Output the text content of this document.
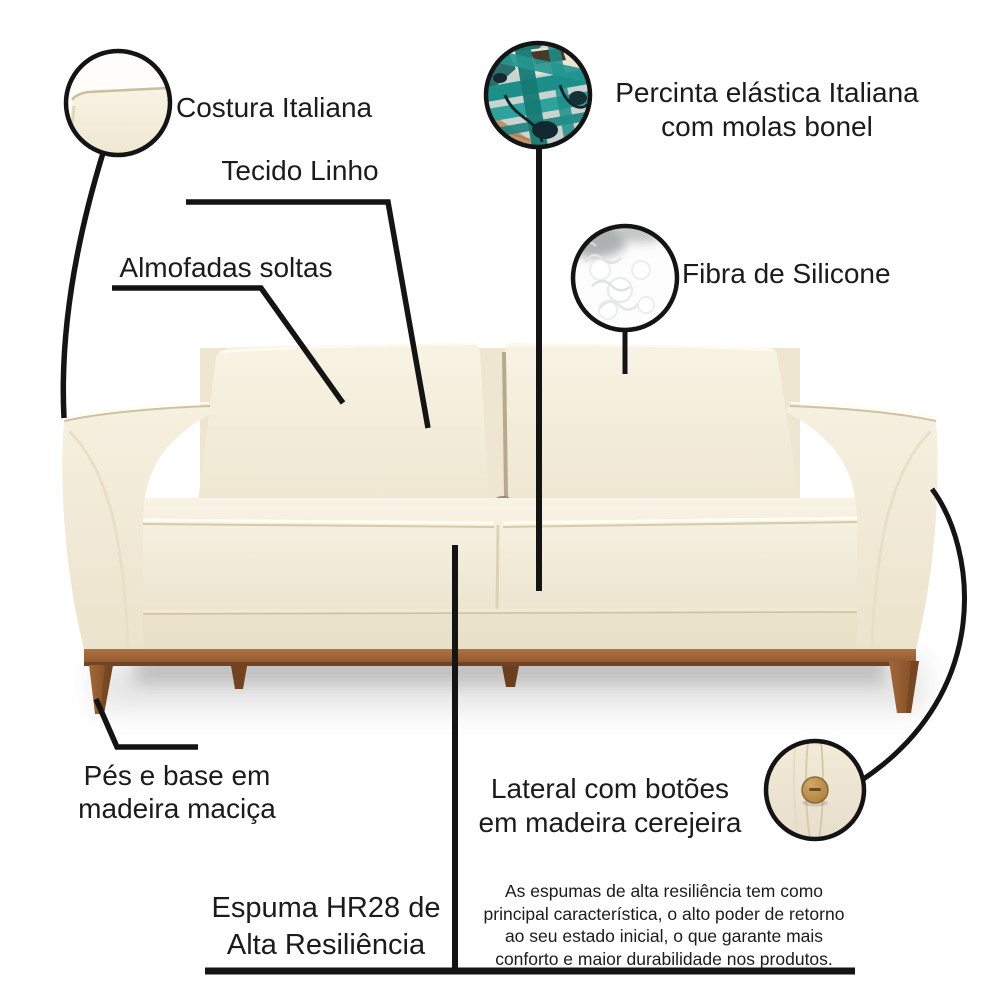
Costura Italiana
Tecido Linho
Almofadas soltas
Percinta elástica Italiana
com molas bonel
Fibra de Silicone
Pés e base em
madeira maciça
Lateral com botões
em madeira cerejeira
Espuma HR28 de
Alta Resiliência
As espumas de alta resiliência tem como
principal característica, o alto poder de retorno
ao seu estado inicial, o que garante mais
conforto e maior durabilidade nos produtos.
